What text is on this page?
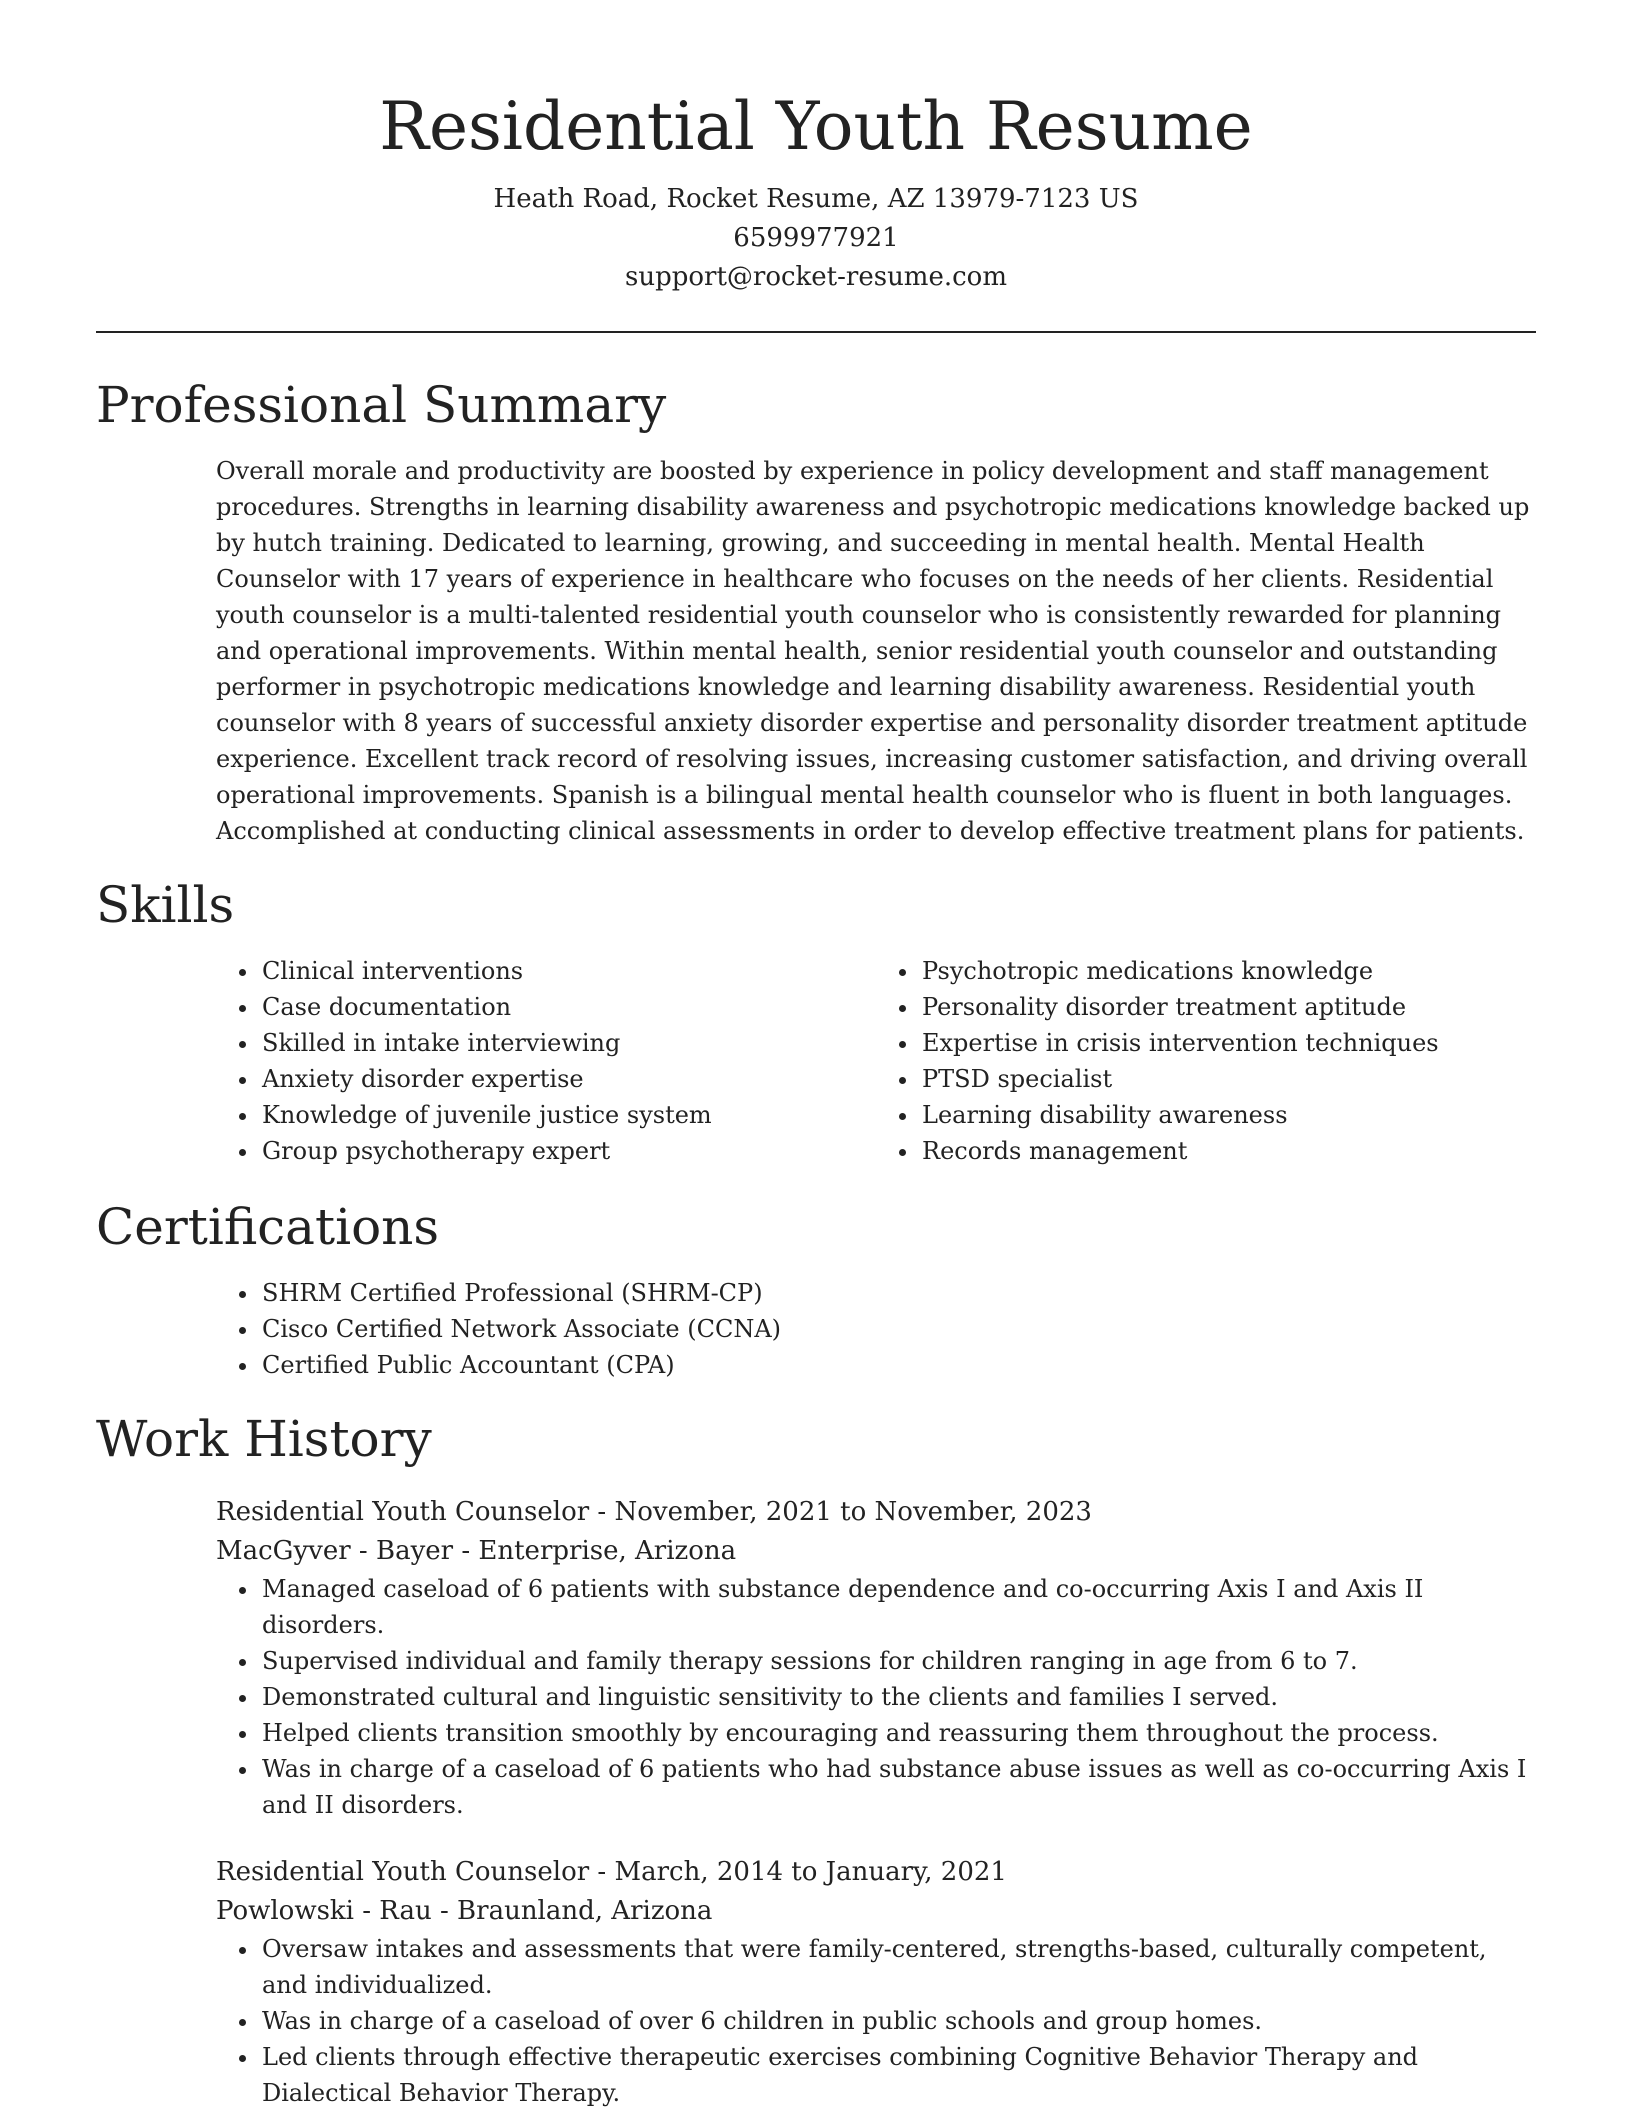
Residential Youth Resume
Heath Road, Rocket Resume, AZ 13979-7123 US
6599977921
support@rocket-resume.com
Professional Summary

Overall morale and productivity are boosted by experience in policy development and staff management procedures. Strengths in learning disability awareness and psychotropic medications knowledge backed up by hutch training. Dedicated to learning, growing, and succeeding in mental health. Mental Health Counselor with 17 years of experience in healthcare who focuses on the needs of her clients. Residential youth counselor is a multi-talented residential youth counselor who is consistently rewarded for planning and operational improvements. Within mental health, senior residential youth counselor and outstanding performer in psychotropic medications knowledge and learning disability awareness. Residential youth counselor with 8 years of successful anxiety disorder expertise and personality disorder treatment aptitude experience. Excellent track record of resolving issues, increasing customer satisfaction, and driving overall operational improvements. Spanish is a bilingual mental health counselor who is fluent in both languages. Accomplished at conducting clinical assessments in order to develop effective treatment plans for patients.

Skills
• Clinical interventions
• Case documentation
• Skilled in intake interviewing
• Anxiety disorder expertise
• Knowledge of juvenile justice system
• Group psychotherapy expert
• Psychotropic medications knowledge
• Personality disorder treatment aptitude
• Expertise in crisis intervention techniques
• PTSD specialist
• Learning disability awareness
• Records management
Certifications
• SHRM Certified Professional (SHRM-CP)
• Cisco Certified Network Associate (CCNA)
• Certified Public Accountant (CPA)
Work History
Residential Youth Counselor - November, 2021 to November, 2023
MacGyver - Bayer - Enterprise, Arizona
• Managed caseload of 6 patients with substance dependence and co-occurring Axis I and Axis II disorders.
• Supervised individual and family therapy sessions for children ranging in age from 6 to 7.
• Demonstrated cultural and linguistic sensitivity to the clients and families I served.
• Helped clients transition smoothly by encouraging and reassuring them throughout the process.
• Was in charge of a caseload of 6 patients who had substance abuse issues as well as co-occurring Axis I and II disorders.
Residential Youth Counselor - March, 2014 to January, 2021
Powlowski - Rau - Braunland, Arizona
• Oversaw intakes and assessments that were family-centered, strengths-based, culturally competent, and individualized.
• Was in charge of a caseload of over 6 children in public schools and group homes.
• Led clients through effective therapeutic exercises combining Cognitive Behavior Therapy and Dialectical Behavior Therapy.
